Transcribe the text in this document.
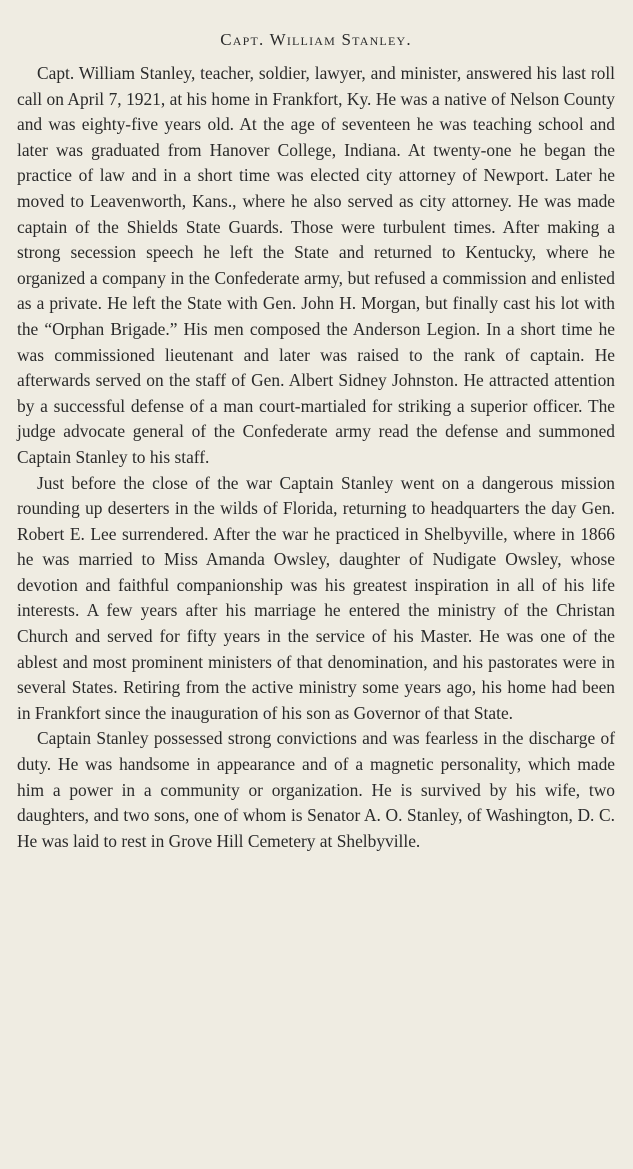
Capt. William Stanley.

Capt. William Stanley, teacher, soldier, lawyer, and minister, answered his last roll call on April 7, 1921, at his home in Frankfort, Ky. He was a native of Nelson County and was eighty-five years old. At the age of seventeen he was teaching school and later was graduated from Hanover College, Indiana. At twenty-one he began the practice of law and in a short time was elected city attorney of Newport. Later he moved to Leavenworth, Kans., where he also served as city attorney. He was made captain of the Shields State Guards. Those were turbulent times. After making a strong secession speech he left the State and returned to Kentucky, where he organized a company in the Confederate army, but refused a commission and enlisted as a private. He left the State with Gen. John H. Morgan, but finally cast his lot with the “Orphan Brigade.” His men composed the Anderson Legion. In a short time he was commissioned lieutenant and later was raised to the rank of captain. He afterwards served on the staff of Gen. Albert Sidney Johnston. He attracted attention by a successful defense of a man court-martialed for striking a superior officer. The judge advocate general of the Confederate army read the defense and summoned Captain Stanley to his staff.

Just before the close of the war Captain Stanley went on a dangerous mission rounding up deserters in the wilds of Florida, returning to headquarters the day Gen. Robert E. Lee surrendered. After the war he practiced in Shelbyville, where in 1866 he was married to Miss Amanda Owsley, daughter of Nudigate Owsley, whose devotion and faithful companionship was his greatest inspiration in all of his life interests. A few years after his marriage he entered the ministry of the Christan Church and served for fifty years in the service of his Master. He was one of the ablest and most prominent ministers of that denomination, and his pastorates were in several States. Retiring from the active ministry some years ago, his home had been in Frankfort since the inauguration of his son as Governor of that State.

Captain Stanley possessed strong convictions and was fearless in the discharge of duty. He was handsome in appearance and of a magnetic personality, which made him a power in a community or organization. He is survived by his wife, two daughters, and two sons, one of whom is Senator A. O. Stanley, of Washington, D. C. He was laid to rest in Grove Hill Cemetery at Shelbyville.
